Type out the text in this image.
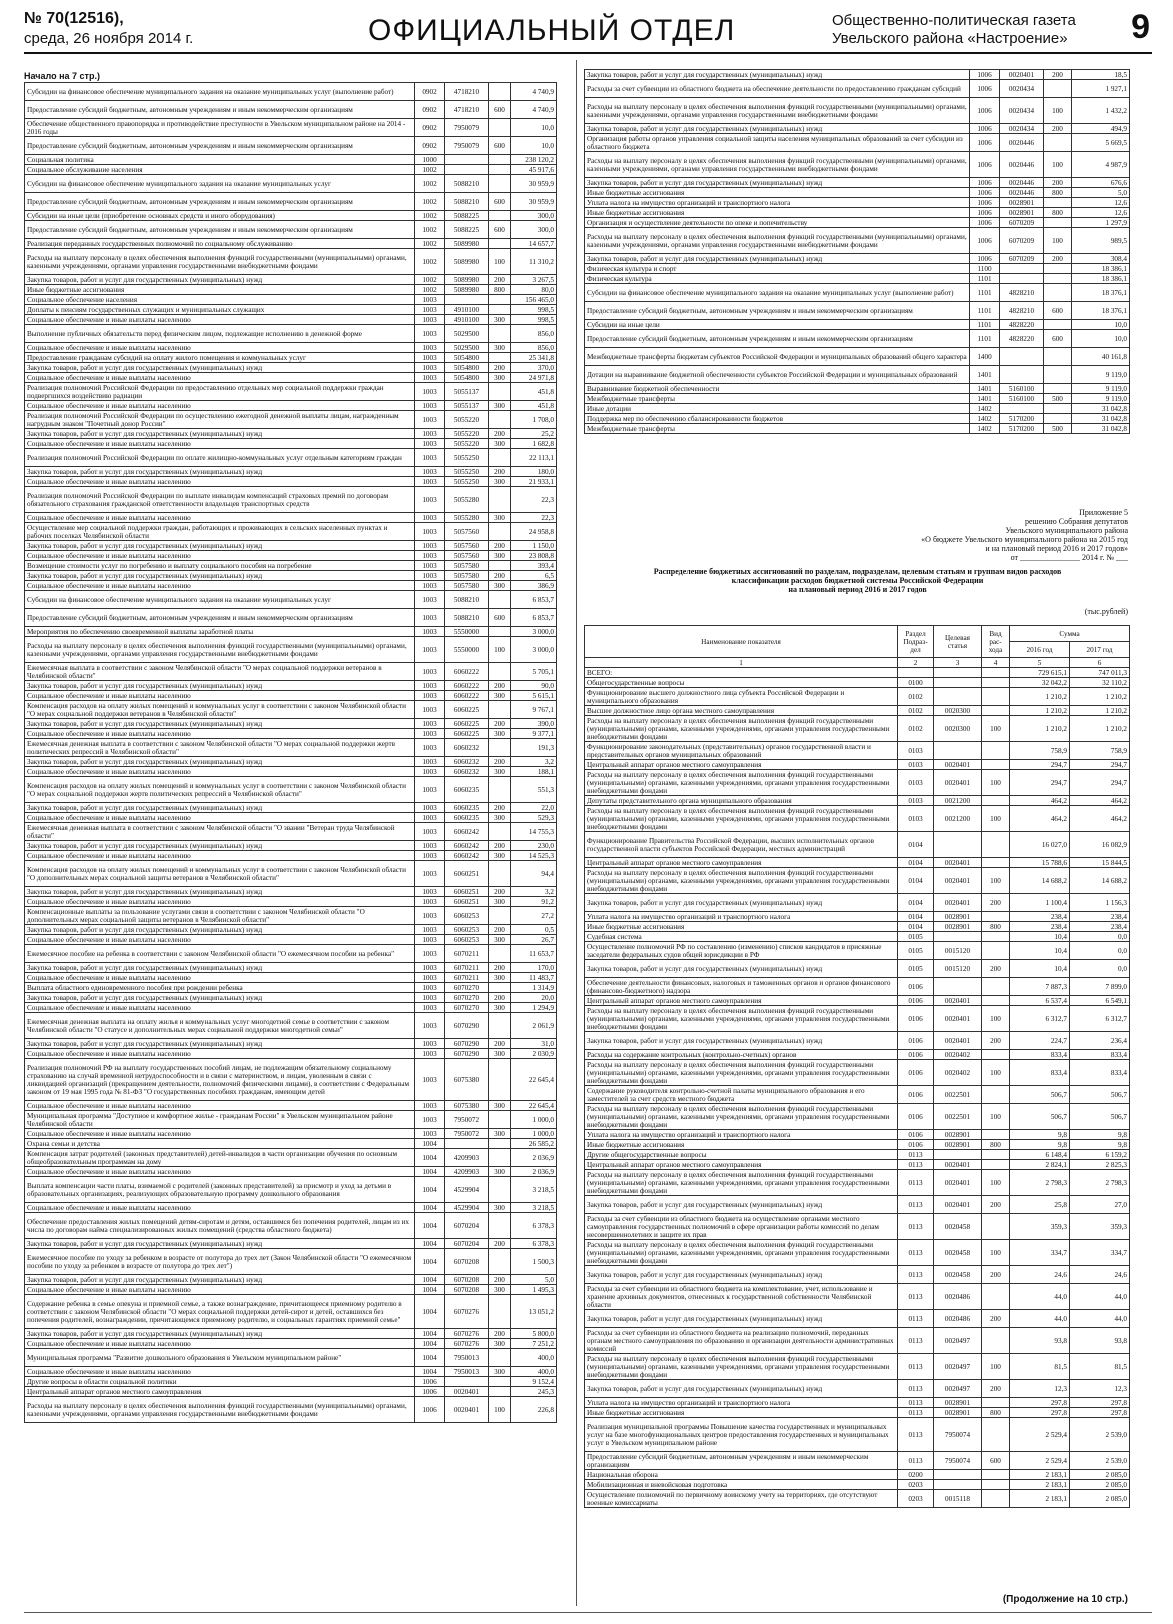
№ 70(12516),
среда, 26 ноября 2014 г.	ОФИЦИАЛЬНЫЙ ОТДЕЛ	Общественно-политическая газета
Увельского района «Настроение» 9
Начало на 7 стр.)
Субсидии на финансовое обеспечение муниципального задания на оказание муниципальных услуг (выполнение работ)	0902	4718210		4 740,9
Предоставление субсидий бюджетным, автономным учреждениям и иным некоммерческим организациям	0902	4718210	600	4 740,9
Обеспечение общественного правопорядка и противодействие преступности в Увельском муниципальном районе на 2014 - 2016 годы	0902	7950079		10,0
Предоставление субсидий бюджетным, автономным учреждениям и иным некоммерческим организациям	0902	7950079	600	10,0
Социальная политика	1000			238 120,2
Социальное обслуживание населения	1002			45 917,6
Субсидии на финансовое обеспечение муниципального задания на оказание муниципальных услуг	1002	5088210		30 959,9
Предоставление субсидий бюджетным, автономным учреждениям и иным некоммерческим организациям	1002	5088210	600	30 959,9
Субсидии на иные цели (приобретение основных средств и иного оборудования)	1002	5088225		300,0
Предоставление субсидий бюджетным, автономным учреждениям и иным некоммерческим организациям	1002	5088225	600	300,0
Реализация переданных государственных полномочий по социальному обслуживанию	1002	5089980		14 657,7
Расходы на выплату персоналу в целях обеспечения выполнения функций государственными (муниципальными) органами, казенными учреждениями, органами управления государственными внебюджетными фондами	1002	5089980	100	11 310,2
Закупка товаров, работ и услуг для государственных (муниципальных) нужд	1002	5089980	200	3 267,5
Иные бюджетные ассигнования	1002	5089980	800	80,0
Социальное обеспечение населения	1003			156 465,0
Доплаты к пенсиям государственных служащих и муниципальных служащих	1003	4910100		998,5
Социальное обеспечение и иные выплаты населению	1003	4910100	300	998,5
Выполнение публичных обязательств перед физическим лицом, подлежащие исполнению в денежной форме	1003	5029500		856,0
Социальное обеспечение и иные выплаты населению	1003	5029500	300	856,0
Предоставление гражданам субсидий на оплату жилого помещения и коммунальных услуг	1003	5054800		25 341,8
Закупка товаров, работ и услуг для государственных (муниципальных) нужд	1003	5054800	200	370,0
Социальное обеспечение и иные выплаты населению	1003	5054800	300	24 971,8
Реализация полномочий Российской Федерации по предоставлению отдельных мер социальной поддержки граждан подвергшихся воздействию радиации	1003	5055137		451,8
Социальное обеспечение и иные выплаты населению	1003	5055137	300	451,8
Реализация полномочий Российской Федерации по осуществлению ежегодной денежной выплаты лицам, награжденным нагрудным знаком "Почетный донор России"	1003	5055220		1 708,0
Закупка товаров, работ и услуг для государственных (муниципальных) нужд	1003	5055220	200	25,2
Социальное обеспечение и иные выплаты населению	1003	5055220	300	1 682,8
Реализация полномочий Российской Федерации по оплате жилищно-коммунальных услуг отдельным категориям граждан	1003	5055250		22 113,1
Закупка товаров, работ и услуг для государственных (муниципальных) нужд	1003	5055250	200	180,0
Социальное обеспечение и иные выплаты населению	1003	5055250	300	21 933,1
Реализация полномочий Российской Федерации по выплате инвалидам компенсаций страховых премий по договорам обязательного страхования гражданской ответственности владельцев транспортных средств	1003	5055280		22,3
Социальное обеспечение и иные выплаты населению	1003	5055280	300	22,3
Осуществление мер социальной поддержки граждан, работающих и проживающих в сельских населенных пунктах и рабочих поселках Челябинской области	1003	5057560		24 958,8
Закупка товаров, работ и услуг для государственных (муниципальных) нужд	1003	5057560	200	1 150,0
Социальное обеспечение и иные выплаты населению	1003	5057560	300	23 808,8
Возмещение стоимости услуг по погребению и выплату социального пособия на погребение	1003	5057580		393,4
Закупка товаров, работ и услуг для государственных (муниципальных) нужд	1003	5057580	200	6,5
Социальное обеспечение и иные выплаты населению	1003	5057580	300	386,9
Субсидии на финансовое обеспечение муниципального задания на оказание муниципальных услуг	1003	5088210		6 853,7
Предоставление субсидий бюджетным, автономным учреждениям и иным некоммерческим организациям	1003	5088210	600	6 853,7
Мероприятия по обеспечению своевременной выплаты заработной платы	1003	5550000		3 000,0
Расходы на выплату персоналу в целях обеспечения выполнения функций государственными (муниципальными) органами, казенными учреждениями, органами управления государственными внебюджетными фондами	1003	5550000	100	3 000,0
Ежемесячная выплата в соответствии с законом Челябинской области "О мерах социальной поддержки ветеранов в Челябинской области"	1003	6060222		5 705,1
Закупка товаров, работ и услуг для государственных (муниципальных) нужд	1003	6060222	200	90,0
Социальное обеспечение и иные выплаты населению	1003	6060222	300	5 615,1
Компенсация расходов на оплату жилых помещений и коммунальных услуг в соответствии с законом Челябинской области "О мерах социальной поддержки ветеранов в Челябинской области"	1003	6060225		9 767,1
Закупка товаров, работ и услуг для государственных (муниципальных) нужд	1003	6060225	200	390,0
Социальное обеспечение и иные выплаты населению	1003	6060225	300	9 377,1
Ежемесячная денежная выплата в соответствии с законом Челябинской области "О мерах социальной поддержки жертв политических репрессий в Челябинской области"	1003	6060232		191,3
Закупка товаров, работ и услуг для государственных (муниципальных) нужд	1003	6060232	200	3,2
Социальное обеспечение и иные выплаты населению	1003	6060232	300	188,1
Компенсация расходов на оплату жилых помещений и коммунальных услуг в соответствии с законом Челябинской области "О мерах социальной поддержки жертв политических репрессий в Челябинской области"	1003	6060235		551,3
Закупка товаров, работ и услуг для государственных (муниципальных) нужд	1003	6060235	200	22,0
Социальное обеспечение и иные выплаты населению	1003	6060235	300	529,3
Ежемесячная денежная выплата в соответствии с законом Челябинской области "О звании "Ветеран труда Челябинской области"	1003	6060242		14 755,3
Закупка товаров, работ и услуг для государственных (муниципальных) нужд	1003	6060242	200	230,0
Социальное обеспечение и иные выплаты населению	1003	6060242	300	14 525,3
Компенсация расходов на оплату жилых помещений и коммунальных услуг в соответствии с законом Челябинской области "О дополнительных мерах социальной защиты ветеранов в Челябинской области"	1003	6060251		94,4
Закупка товаров, работ и услуг для государственных (муниципальных) нужд	1003	6060251	200	3,2
Социальное обеспечение и иные выплаты населению	1003	6060251	300	91,2
Компенсационные выплаты за пользование услугами связи в соответствии с законом Челябинской области "О дополнительных мерах социальной защиты ветеранов в Челябинской области"	1003	6060253		27,2
Закупка товаров, работ и услуг для государственных (муниципальных) нужд	1003	6060253	200	0,5
Социальное обеспечение и иные выплаты населению	1003	6060253	300	26,7
Ежемесячное пособие на ребенка в соответствии с законом Челябинской области "О ежемесячном пособии на ребенка"	1003	6070211		11 653,7
Закупка товаров, работ и услуг для государственных (муниципальных) нужд	1003	6070211	200	170,0
Социальное обеспечение и иные выплаты населению	1003	6070211	300	11 483,7
Выплата областного единовременного пособия при рождении ребенка	1003	6070270		1 314,9
Закупка товаров, работ и услуг для государственных (муниципальных) нужд	1003	6070270	200	20,0
Социальное обеспечение и иные выплаты населению	1003	6070270	300	1 294,9
Ежемесячная денежная выплата на оплату жилья и коммунальных услуг многодетной семье в соответствии с законом Челябинской области "О статусе и дополнительных мерах социальной поддержки многодетной семьи"	1003	6070290		2 061,9
Закупка товаров, работ и услуг для государственных (муниципальных) нужд	1003	6070290	200	31,0
Социальное обеспечение и иные выплаты населению	1003	6070290	300	2 030,9
Реализация полномочий РФ на выплату государственных пособий лицам, не подлежащим обязательному социальному страхованию на случай временной нетрудоспособности и в связи с материнством, и лицам, уволенным в связи с ликвидацией организаций (прекращением деятельности, полномочий физическими лицами), в соответствии с Федеральным законом от 19 мая 1995 года № 81-ФЗ "О государственных пособиях гражданам, имеющим детей	1003	6075380		22 645,4
Социальное обеспечение и иные выплаты населению	1003	6075380	300	22 645,4
Муниципальная программа "Доступное и комфортное жилье - гражданам России" в Увельском муниципальном районе Челябинской области	1003	7950072		1 000,0
Социальное обеспечение и иные выплаты населению	1003	7950072	300	1 000,0
Охрана семьи и детства	1004			26 585,2
Компенсация затрат родителей (законных представителей) детей-инвалидов в части организации обучения по основным общеобразовательным программам на дому	1004	4209903		2 036,9
Социальное обеспечение и иные выплаты населению	1004	4209903	300	2 036,9
Выплата компенсации части платы, взимаемой с родителей (законных представителей) за присмотр и уход за детьми в образовательных организациях, реализующих образовательную программу дошкольного образования	1004	4529904		3 218,5
Социальное обеспечение и иные выплаты населению	1004	4529904	300	3 218,5
Обеспечение предоставления жилых помещений детям-сиротам и детям, оставшимся без попечения родителей, лицам из их числа по договорам найма специализированных жилых помещений (средства областного бюджета)	1004	6070204		6 378,3
Закупка товаров, работ и услуг для государственных (муниципальных) нужд	1004	6070204	200	6 378,3
Ежемесячное пособие по уходу за ребенком в возрасте от полутора до трех лет (Закон Челябинской области "О ежемесячном пособии по уходу за ребенком в возрасте от полутора до трех лет")	1004	6070208		1 500,3
Закупка товаров, работ и услуг для государственных (муниципальных) нужд	1004	6070208	200	5,0
Социальное обеспечение и иные выплаты населению	1004	6070208	300	1 495,3
Содержание ребенка в семье опекуна и приемной семье, а также вознаграждение, причитающееся приемному родителю в соответствии с законом Челябинской области "О мерах социальной поддержки детей-сирот и детей, оставшихся без попечения родителей, вознаграждении, причитающемся приемному родителю, и социальных гарантиях приемной семье"	1004	6070276		13 051,2
Закупка товаров, работ и услуг для государственных (муниципальных) нужд	1004	6070276	200	5 800,0
Социальное обеспечение и иные выплаты населению	1004	6070276	300	7 251,2
Муниципальная программа "Развитие дошкольного образования в Увельском муниципальном районе"	1004	7950013		400,0
Социальное обеспечение и иные выплаты населению	1004	7950013	300	400,0
Другие вопросы в области социальной политики	1006			9 152,4
Центральный аппарат органов местного самоуправления	1006	0020401		245,3
Расходы на выплату персоналу в целях обеспечения выполнения функций государственными (муниципальными) органами, казенными учреждениями, органами управления государственными внебюджетными фондами	1006	0020401	100	226,8
Закупка товаров, работ и услуг для государственных (муниципальных) нужд	1006	0020401	200	18,5
Расходы за счет субвенции из областного бюджета на обеспечение деятельности по предоставлению гражданам субсидий	1006	0020434		1 927,1
Расходы на выплату персоналу в целях обеспечения выполнения функций государственными (муниципальными) органами, казенными учреждениями, органами управления государственными внебюджетными фондами	1006	0020434	100	1 432,2
Закупка товаров, работ и услуг для государственных (муниципальных) нужд	1006	0020434	200	494,9
Организация работы органов управления социальной защиты населения муниципальных образований за счет субсидии из областного бюджета	1006	0020446		5 669,5
Расходы на выплату персоналу в целях обеспечения выполнения функций государственными (муниципальными) органами, казенными учреждениями, органами управления государственными внебюджетными фондами	1006	0020446	100	4 987,9
Закупка товаров, работ и услуг для государственных (муниципальных) нужд	1006	0020446	200	676,6
Иные бюджетные ассигнования	1006	0020446	800	5,0
Уплата налога на имущество организаций и транспортного налога	1006	0028901		12,6
Иные бюджетные ассигнования	1006	0028901	800	12,6
Организация и осуществление деятельности по опеке и попечительству	1006	6070209		1 297,9
Расходы на выплату персоналу в целях обеспечения выполнения функций государственными (муниципальными) органами, казенными учреждениями, органами управления государственными внебюджетными фондами	1006	6070209	100	989,5
Закупка товаров, работ и услуг для государственных (муниципальных) нужд	1006	6070209	200	308,4
Физическая культура и спорт	1100			18 386,1
Физическая культура	1101			18 386,1
Субсидии на финансовое обеспечение муниципального задания на оказание муниципальных услуг (выполнение работ)	1101	4828210		18 376,1
Предоставление субсидий бюджетным, автономным учреждениям и иным некоммерческим организациям	1101	4828210	600	18 376,1
Субсидии на иные цели	1101	4828220		10,0
Предоставление субсидий бюджетным, автономным учреждениям и иным некоммерческим организациям	1101	4828220	600	10,0
Межбюджетные трансферты бюджетам субъектов Российской Федерации и муниципальных образований общего характера	1400			40 161,8
Дотации на выравнивание бюджетной обеспеченности субъектов Российской Федерации и муниципальных образований	1401			9 119,0
Выравнивание бюджетной обеспеченности	1401	5160100		9 119,0
Межбюджетные трансферты	1401	5160100	500	9 119,0
Иные дотации	1402			31 042,8
Поддержка мер по обеспечению сбалансированности бюджетов	1402	5170200		31 042,8
Межбюджетные трансферты	1402	5170200	500	31 042,8
Приложение 5
решению Собрания депутатов
Увельского муниципального района
«О бюджете Увельского муниципального района на 2015 год
и на плановый период 2016 и 2017 годов»
от _______________ 2014 г. № ___
Распределение бюджетных ассигнований по разделам, подразделам, целевым статьям и группам видов расходов
классификации расходов бюджетной системы Российской Федерации
на плановый период 2016 и 2017 годов
(тыс.рублей)
Наименование показателя	Раздел Подраз-дел	Целевая статья	Вид рас-хода	Сумма	
				2016 год	2017 год
1	2	3	4	5	6
ВСЕГО:				729 615,1	747 011,3
Общегосударственные вопросы	0100			32 042,2	32 110,2
Функционирование высшего должностного лица субъекта Российской Федерации и муниципального образования	0102			1 210,2	1 210,2
Высшее должностное лицо органа местного самоуправления	0102	0020300		1 210,2	1 210,2
Расходы на выплату персоналу в целях обеспечения выполнения функций государственными (муниципальными) органами, казенными учреждениями, органами управления государственными внебюджетными фондами	0102	0020300	100	1 210,2	1 210,2
Функционирование законодательных (представительных) органов государственной власти и представительных органов муниципальных образований	0103			758,9	758,9
Центральный аппарат органов местного самоуправления	0103	0020401		294,7	294,7
Расходы на выплату персоналу в целях обеспечения выполнения функций государственными (муниципальными) органами, казенными учреждениями, органами управления государственными внебюджетными фондами	0103	0020401	100	294,7	294,7
Депутаты представительного органа муниципального образования	0103	0021200		464,2	464,2
Расходы на выплату персоналу в целях обеспечения выполнения функций государственными (муниципальными) органами, казенными учреждениями, органами управления государственными внебюджетными фондами	0103	0021200	100	464,2	464,2
Функционирование Правительства Российской Федерации, высших исполнительных органов государственной власти субъектов Российской Федерации, местных администраций	0104			16 027,0	16 082,9
Центральный аппарат органов местного самоуправления	0104	0020401		15 788,6	15 844,5
Расходы на выплату персоналу в целях обеспечения выполнения функций государственными (муниципальными) органами, казенными учреждениями, органами управления государственными внебюджетными фондами	0104	0020401	100	14 688,2	14 688,2
Закупка товаров, работ и услуг для государственных (муниципальных) нужд	0104	0020401	200	1 100,4	1 156,3
Уплата налога на имущество организаций и транспортного налога	0104	0028901		238,4	238,4
Иные бюджетные ассигнования	0104	0028901	800	238,4	238,4
Судебная система	0105			10,4	0,0
Осуществление полномочий РФ по составлению (изменению) списков кандидатов в присяжные заседатели федеральных судов общей юрисдикции в РФ	0105	0015120		10,4	0,0
Закупка товаров, работ и услуг для государственных (муниципальных) нужд	0105	0015120	200	10,4	0,0
Обеспечение деятельности финансовых, налоговых и таможенных органов и органов финансового (финансово-бюджетного) надзора	0106			7 887,3	7 899,0
Центральный аппарат органов местного самоуправления	0106	0020401		6 537,4	6 549,1
Расходы на выплату персоналу в целях обеспечения выполнения функций государственными (муниципальными) органами, казенными учреждениями, органами управления государственными внебюджетными фондами	0106	0020401	100	6 312,7	6 312,7
Закупка товаров, работ и услуг для государственных (муниципальных) нужд	0106	0020401	200	224,7	236,4
Расходы на содержание контрольных (контрольно-счетных) органов	0106	0020402		833,4	833,4
Расходы на выплату персоналу в целях обеспечения выполнения функций государственными (муниципальными) органами, казенными учреждениями, органами управления государственными внебюджетными фондами	0106	0020402	100	833,4	833,4
Содержание руководителя контрольно-счетной палаты муниципального образования и его заместителей за счет средств местного бюджета	0106	0022501		506,7	506,7
Расходы на выплату персоналу в целях обеспечения выполнения функций государственными (муниципальными) органами, казенными учреждениями, органами управления государственными внебюджетными фондами	0106	0022501	100	506,7	506,7
Уплата налога на имущество организаций и транспортного налога	0106	0028901		9,8	9,8
Иные бюджетные ассигнования	0106	0028901	800	9,8	9,8
Другие общегосударственные вопросы	0113			6 148,4	6 159,2
Центральный аппарат органов местного самоуправления	0113	0020401		2 824,1	2 825,3
Расходы на выплату персоналу в целях обеспечения выполнения функций государственными (муниципальными) органами, казенными учреждениями, органами управления государственными внебюджетными фондами	0113	0020401	100	2 798,3	2 798,3
Закупка товаров, работ и услуг для государственных (муниципальных) нужд	0113	0020401	200	25,8	27,0
Расходы за счет субвенции из областного бюджета на осуществление органами местного самоуправления государственных полномочий в сфере организации работы комиссий по делам несовершеннолетних и защите их прав	0113	0020458		359,3	359,3
Расходы на выплату персоналу в целях обеспечения выполнения функций государственными (муниципальными) органами, казенными учреждениями, органами управления государственными внебюджетными фондами	0113	0020458	100	334,7	334,7
Закупка товаров, работ и услуг для государственных (муниципальных) нужд	0113	0020458	200	24,6	24,6
Расходы за счет субвенции из областного бюджета на комплектование, учет, использование и хранение архивных документов, отнесенных к государственной собственности Челябинской области	0113	0020486		44,0	44,0
Закупка товаров, работ и услуг для государственных (муниципальных) нужд	0113	0020486	200	44,0	44,0
Расходы за счет субвенции из областного бюджета на реализацию полномочий, переданных органам местного самоуправления по образованию и организации деятельности административных комиссий	0113	0020497		93,8	93,8
Расходы на выплату персоналу в целях обеспечения выполнения функций государственными (муниципальными) органами, казенными учреждениями, органами управления государственными внебюджетными фондами	0113	0020497	100	81,5	81,5
Закупка товаров, работ и услуг для государственных (муниципальных) нужд	0113	0020497	200	12,3	12,3
Уплата налога на имущество организаций и транспортного налога	0113	0028901		297,8	297,8
Иные бюджетные ассигнования	0113	0028901	800	297,8	297,8
Реализация муниципальной программы Повышение качества государственных и муниципальных услуг на базе многофункциональных центров предоставления государственных и муниципальных услуг в Увельском муниципальном районе	0113	7950074		2 529,4	2 539,0
Предоставление субсидий бюджетным, автономным учреждениям и иным некоммерческим организациям	0113	7950074	600	2 529,4	2 539,0
Национальная оборона	0200			2 183,1	2 085,0
Мобилизационная и вневойсковая подготовка	0203			2 183,1	2 085,0
Осуществление полномочий по первичному воинскому учету на территориях, где отсутствуют военные комиссариаты	0203	0015118		2 183,1	2 085,0
(Продолжение на 10 стр.)
